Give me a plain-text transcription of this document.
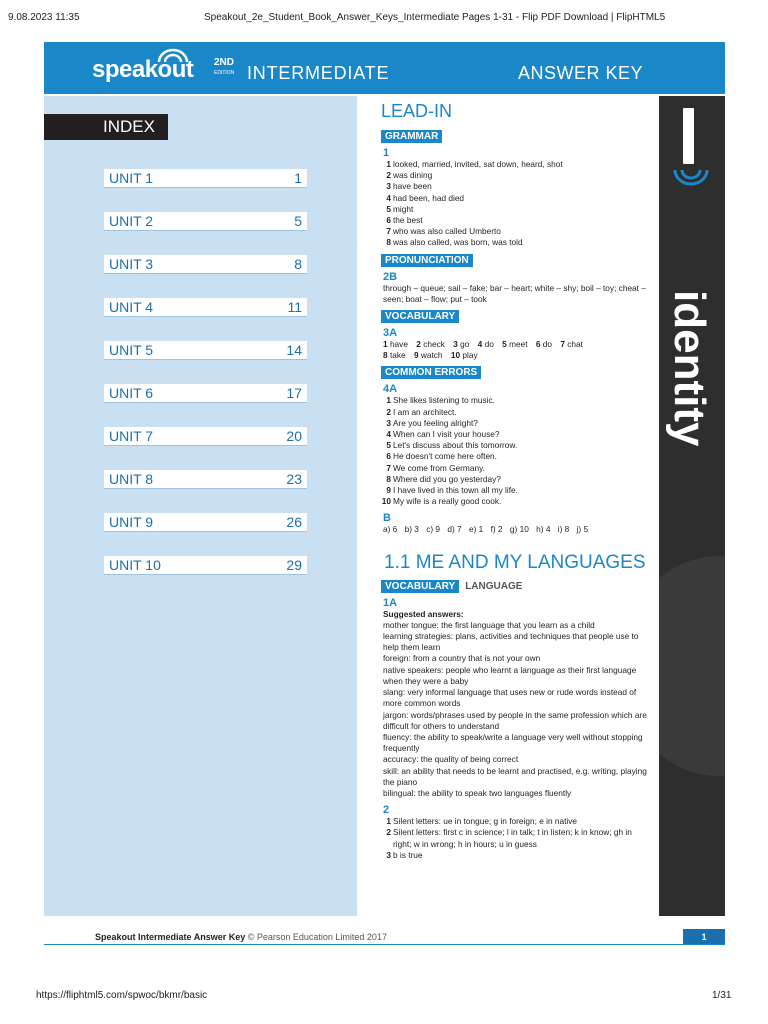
9.08.2023 11:35	Speakout_2e_Student_Book_Answer_Keys_Intermediate Pages 1-31 - Flip PDF Download | FlipHTML5
speakout 2ND
EDITION INTERMEDIATE	ANSWER KEY
INDEX
UNIT 1	1
UNIT 2	5
UNIT 3	8
UNIT 4	11
UNIT 5	14
UNIT 6	17
UNIT 7	20
UNIT 8	23
UNIT 9	26
UNIT 10	29
LEAD-IN
GRAMMAR
1
1 looked, married, invited, sat down, heard, shot
2 was dining
3 have been
4 had been, had died
5 might
6 the best
7 who was also called Umberto
8 was also called, was born, was told
PRONUNCIATION
2B
through – queue; sail – fake; bar – heart; white – shy; boil – toy; cheat – seen; boat – flow; put – took
VOCABULARY
3A
1 have 2 check 3 go 4 do 5 meet 6 do 7 chat
8 take 9 watch 10 play
COMMON ERRORS
4A
1 She likes listening to music.
2 I am an architect.
3 Are you feeling alright?
4 When can I visit your house?
5 Let's discuss about this tomorrow.
6 He doesn't come here often.
7 We come from Germany.
8 Where did you go yesterday?
9 I have lived in this town all my life.
10 My wife is a really good cook.
B
a) 6 b) 3 c) 9 d) 7 e) 1 f) 2 g) 10 h) 4 i) 8 j) 5
1.1 ME AND MY LANGUAGES
VOCABULARY LANGUAGE
1A
Suggested answers:
mother tongue: the first language that you learn as a child
learning strategies: plans, activities and techniques that people use to help them learn
foreign: from a country that is not your own
native speakers: people who learnt a language as their first language when they were a baby
slang: very informal language that uses new or rude words instead of more common words
jargon: words/phrases used by people in the same profession which are difficult for others to understand
fluency: the ability to speak/write a language very well without stopping frequently
accuracy: the quality of being correct
skill: an ability that needs to be learnt and practised, e.g. writing, playing the piano
bilingual: the ability to speak two languages fluently
2
1 Silent letters: ue in tongue; g in foreign; e in native
2 Silent letters: first c in science; l in talk; t in listen; k in know; gh in right; w in wrong; h in hours; u in guess
3 b is true
identity
Speakout Intermediate Answer Key © Pearson Education Limited 2017	1
https://fliphtml5.com/spwoc/bkmr/basic	1/31
